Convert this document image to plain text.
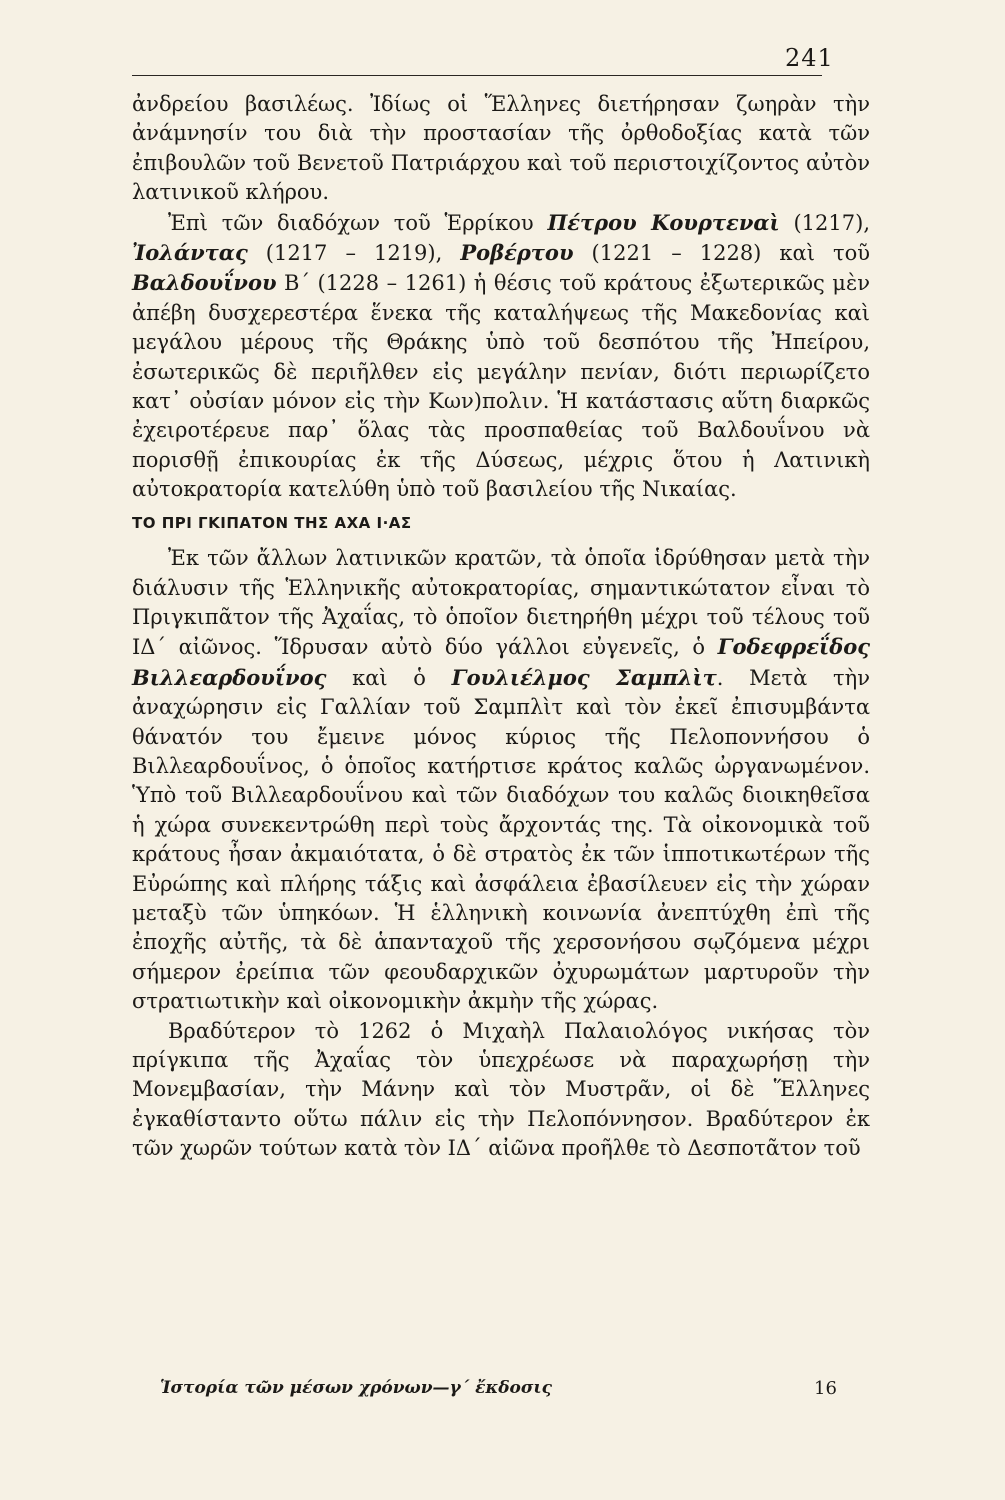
241

ἀνδρείου βασιλέως. Ἰδίως οἱ Ἕλληνες διετήρησαν ζωηρὰν τὴν ἀνάμνησίν του διὰ τὴν προστασίαν τῆς ὀρθοδοξίας κατὰ τῶν ἐπιβουλῶν τοῦ Βενετοῦ Πατριάρχου καὶ τοῦ περιστοιχίζοντος αὐτὸν λατινικοῦ κλήρου.

Ἐπὶ τῶν διαδόχων τοῦ Ἑρρίκου Πέτρου Κουρτεναὶ (1217), Ἰολάντας (1217 – 1219), Ροβέρτου (1221 – 1228) καὶ τοῦ Βαλδουΐνου Β΄ (1228 – 1261) ἡ θέσις τοῦ κράτους ἐξωτερικῶς μὲν ἀπέβη δυσχερεστέρα ἕνεκα τῆς καταλήψεως τῆς Μακεδονίας καὶ μεγάλου μέρους τῆς Θράκης ὑπὸ τοῦ δεσπότου τῆς Ἠπείρου, ἐσωτερικῶς δὲ περιῆλθεν εἰς μεγάλην πενίαν, διότι περιωρίζετο κατ᾽ οὐσίαν μόνον εἰς τὴν Κων)πολιν. Ἡ κατάστασις αὕτη διαρκῶς ἐχειροτέρευε παρ᾽ ὅλας τὰς προσπαθείας τοῦ Βαλδουΐνου νὰ πορισθῇ ἐπικουρίας ἐκ τῆς Δύσεως, μέχρις ὅτου ἡ Λατινικὴ αὐτοκρατορία κατελύθη ὑπὸ τοῦ βασιλείου τῆς Νικαίας.

ΤΟ ΠΡΙ ΓΚΙΠΑΤΟΝ ΤΗΣ ΑΧΑ Ι·ΑΣ

Ἐκ τῶν ἄλλων λατινικῶν κρατῶν, τὰ ὁποῖα ἱδρύθησαν μετὰ τὴν διάλυσιν τῆς Ἑλληνικῆς αὐτοκρατορίας, σημαντικώτατον εἶναι τὸ Πριγκιπᾶτον τῆς Ἀχαΐας, τὸ ὁποῖον διετηρήθη μέχρι τοῦ τέλους τοῦ ΙΔ΄ αἰῶνος. Ἵδρυσαν αὐτὸ δύο γάλλοι εὐγενεῖς, ὁ Γοδεφρεΐδος Βιλλεαρδουΐνος καὶ ὁ Γουλιέλμος Σαμπλὶτ. Μετὰ τὴν ἀναχώρησιν εἰς Γαλλίαν τοῦ Σαμπλὶτ καὶ τὸν ἐκεῖ ἐπισυμβάντα θάνατόν του ἔμεινε μόνος κύριος τῆς Πελοποννήσου ὁ Βιλλεαρδουΐνος, ὁ ὁποῖος κατήρτισε κράτος καλῶς ὠργανωμένον. Ὑπὸ τοῦ Βιλλεαρδουΐνου καὶ τῶν διαδόχων του καλῶς διοικηθεῖσα ἡ χώρα συνεκεντρώθη περὶ τοὺς ἄρχοντάς της. Τὰ οἰκονομικὰ τοῦ κράτους ἦσαν ἀκμαιότατα, ὁ δὲ στρατὸς ἐκ τῶν ἱπποτικωτέρων τῆς Εὐρώπης καὶ πλήρης τάξις καὶ ἀσφάλεια ἐβασίλευεν εἰς τὴν χώραν μεταξὺ τῶν ὑπηκόων. Ἡ ἑλληνικὴ κοινωνία ἀνεπτύχθη ἐπὶ τῆς ἐποχῆς αὐτῆς, τὰ δὲ ἁπανταχοῦ τῆς χερσονήσου σῳζόμενα μέχρι σήμερον ἐρείπια τῶν φεουδαρχικῶν ὀχυρωμάτων μαρτυροῦν τὴν στρατιωτικὴν καὶ οἰκονομικὴν ἀκμὴν τῆς χώρας.

Βραδύτερον τὸ 1262 ὁ Μιχαὴλ Παλαιολόγος νικήσας τὸν πρίγκιπα τῆς Ἀχαΐας τὸν ὑπεχρέωσε νὰ παραχωρήσῃ τὴν Μονεμβασίαν, τὴν Μάνην καὶ τὸν Μυστρᾶν, οἱ δὲ Ἕλληνες ἐγκαθίσταντο οὕτω πάλιν εἰς τὴν Πελοπόννησον. Βραδύτερον ἐκ τῶν χωρῶν τούτων κατὰ τὸν ΙΔ΄ αἰῶνα προῆλθε τὸ Δεσποτᾶτον τοῦ

Ἱστορία τῶν μέσων χρόνων—γ΄ ἔκδοσις	16
